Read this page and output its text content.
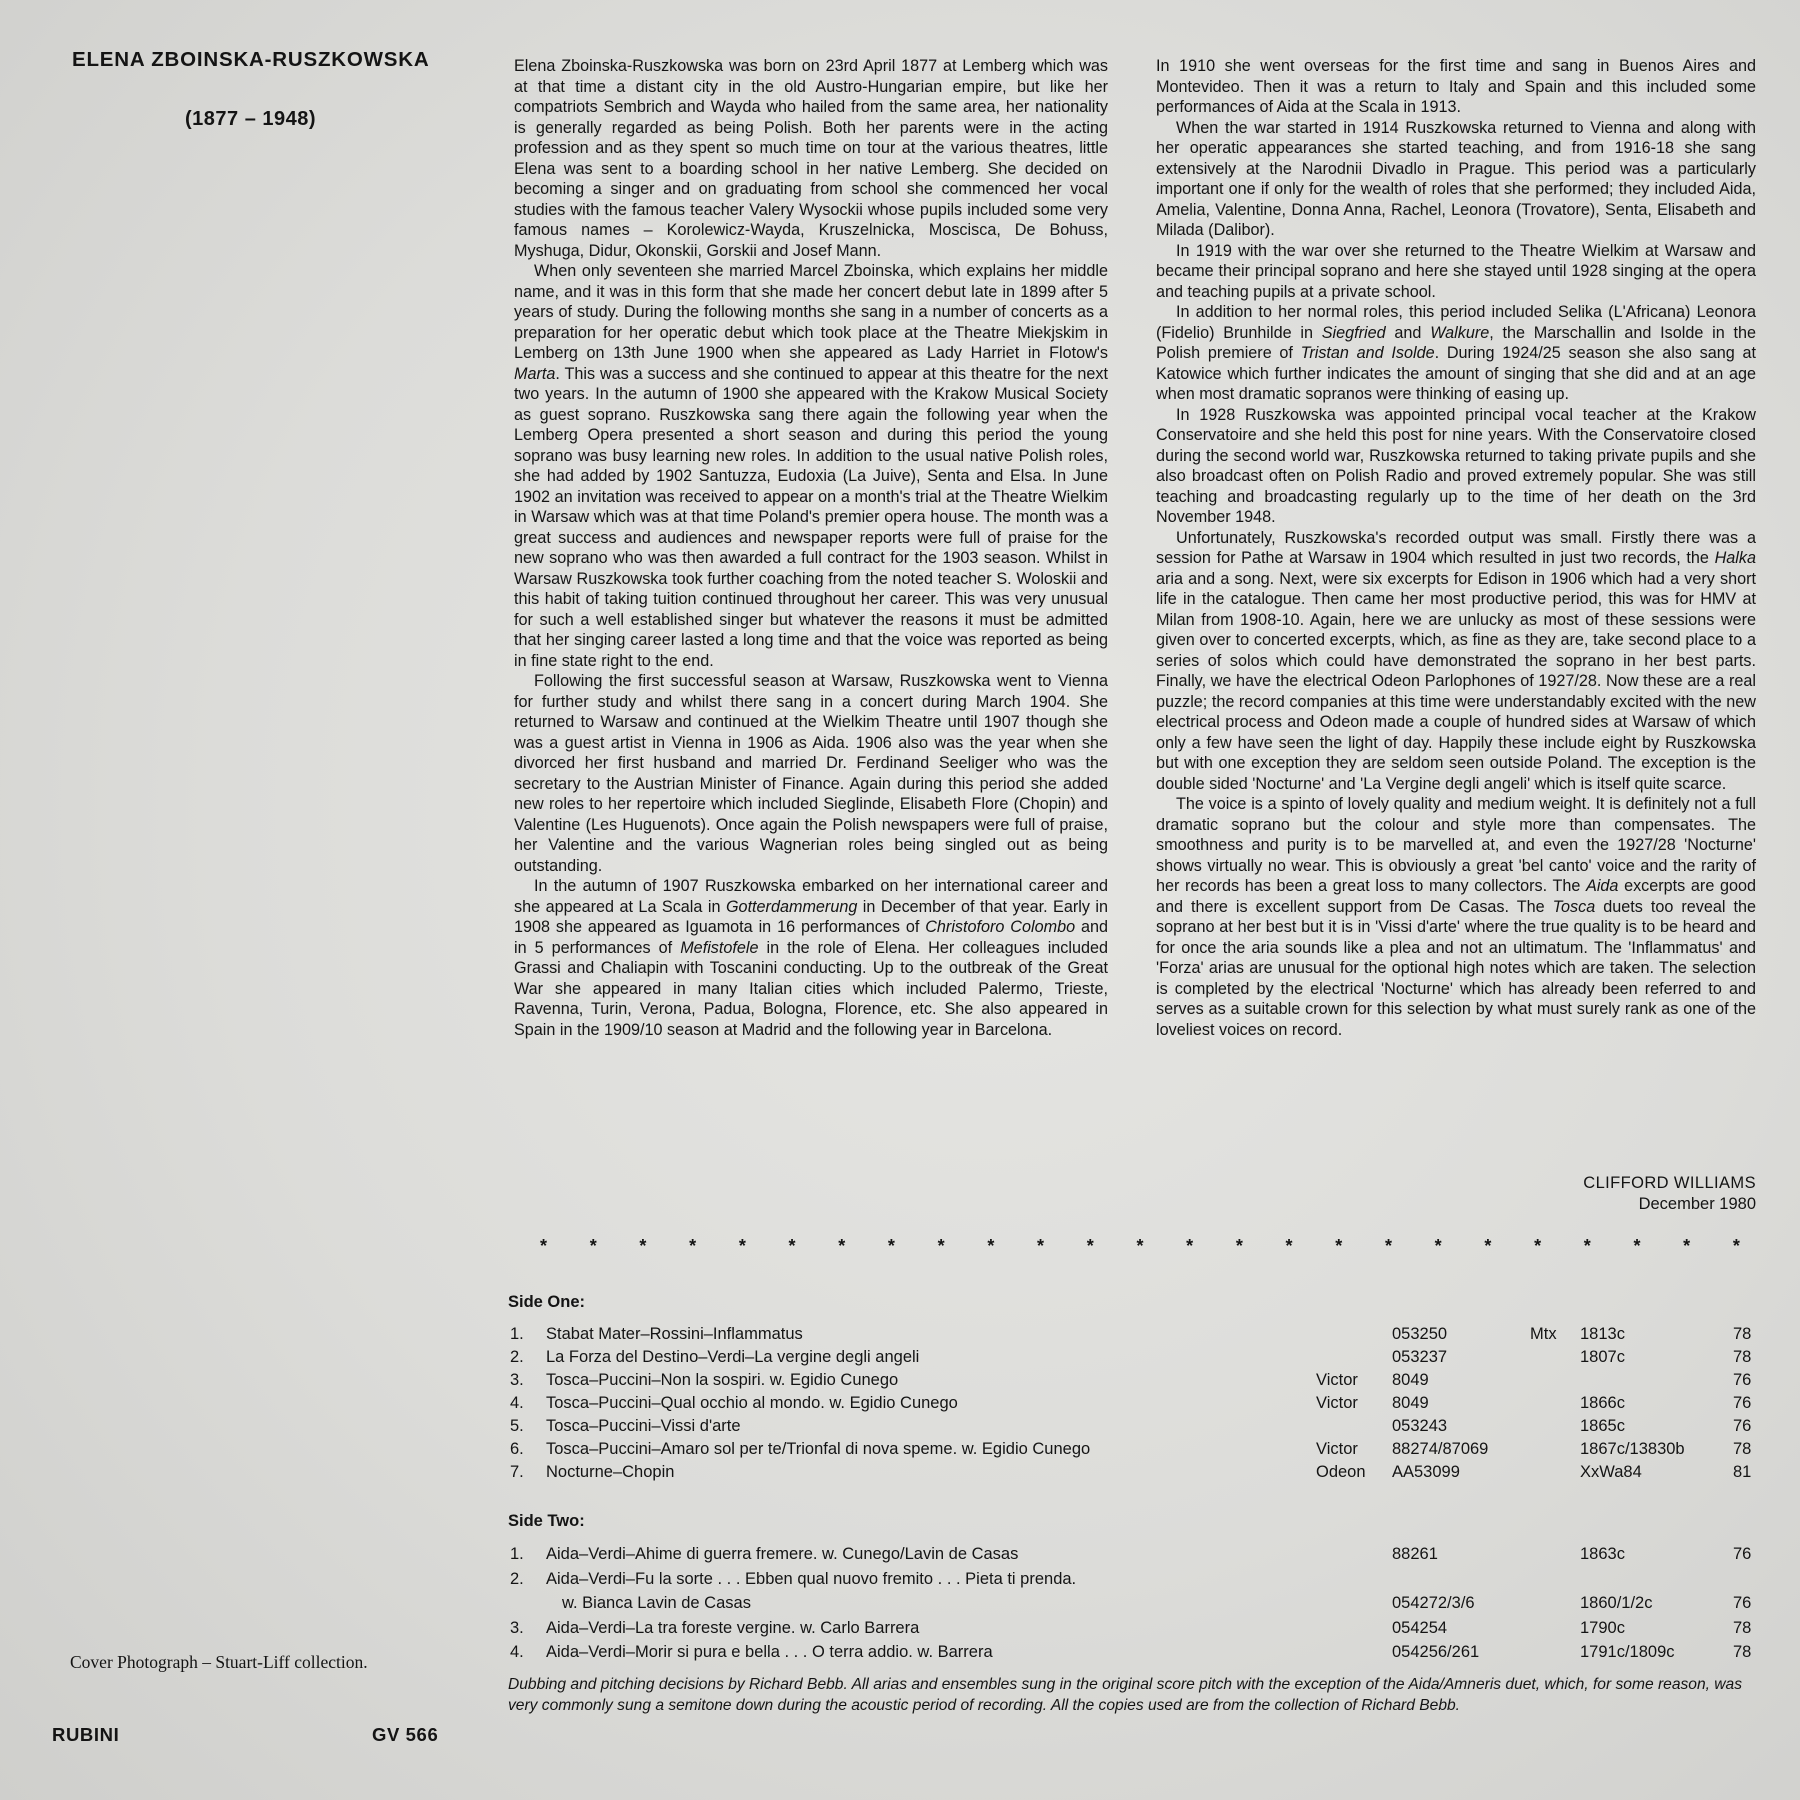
ELENA ZBOINSKA-RUSZKOWSKA
(1877 – 1948)

Elena Zboinska-Ruszkowska was born on 23rd April 1877 at Lemberg which was at that time a distant city in the old Austro-Hungarian empire, but like her compatriots Sembrich and Wayda who hailed from the same area, her nationality is generally regarded as being Polish. Both her parents were in the acting profession and as they spent so much time on tour at the various theatres, little Elena was sent to a boarding school in her native Lemberg. She decided on becoming a singer and on graduating from school she commenced her vocal studies with the famous teacher Valery Wysockii whose pupils included some very famous names – Korolewicz-Wayda, Kruszelnicka, Moscisca, De Bohuss, Myshuga, Didur, Okonskii, Gorskii and Josef Mann.

When only seventeen she married Marcel Zboinska, which explains her middle name, and it was in this form that she made her concert debut late in 1899 after 5 years of study. During the following months she sang in a number of concerts as a preparation for her operatic debut which took place at the Theatre Miekjskim in Lemberg on 13th June 1900 when she appeared as Lady Harriet in Flotow's Marta. This was a success and she continued to appear at this theatre for the next two years. In the autumn of 1900 she appeared with the Krakow Musical Society as guest soprano. Ruszkowska sang there again the following year when the Lemberg Opera presented a short season and during this period the young soprano was busy learning new roles. In addition to the usual native Polish roles, she had added by 1902 Santuzza, Eudoxia (La Juive), Senta and Elsa. In June 1902 an invitation was received to appear on a month's trial at the Theatre Wielkim in Warsaw which was at that time Poland's premier opera house. The month was a great success and audiences and newspaper reports were full of praise for the new soprano who was then awarded a full contract for the 1903 season. Whilst in Warsaw Ruszkowska took further coaching from the noted teacher S. Woloskii and this habit of taking tuition continued throughout her career. This was very unusual for such a well established singer but whatever the reasons it must be admitted that her singing career lasted a long time and that the voice was reported as being in fine state right to the end.

Following the first successful season at Warsaw, Ruszkowska went to Vienna for further study and whilst there sang in a concert during March 1904. She returned to Warsaw and continued at the Wielkim Theatre until 1907 though she was a guest artist in Vienna in 1906 as Aida. 1906 also was the year when she divorced her first husband and married Dr. Ferdinand Seeliger who was the secretary to the Austrian Minister of Finance. Again during this period she added new roles to her repertoire which included Sieglinde, Elisabeth Flore (Chopin) and Valentine (Les Huguenots). Once again the Polish newspapers were full of praise, her Valentine and the various Wagnerian roles being singled out as being outstanding.

In the autumn of 1907 Ruszkowska embarked on her international career and she appeared at La Scala in Gotterdammerung in December of that year. Early in 1908 she appeared as Iguamota in 16 performances of Christoforo Colombo and in 5 performances of Mefistofele in the role of Elena. Her colleagues included Grassi and Chaliapin with Toscanini conducting. Up to the outbreak of the Great War she appeared in many Italian cities which included Palermo, Trieste, Ravenna, Turin, Verona, Padua, Bologna, Florence, etc. She also appeared in Spain in the 1909/10 season at Madrid and the following year in Barcelona.

In 1910 she went overseas for the first time and sang in Buenos Aires and Montevideo. Then it was a return to Italy and Spain and this included some performances of Aida at the Scala in 1913.

When the war started in 1914 Ruszkowska returned to Vienna and along with her operatic appearances she started teaching, and from 1916-18 she sang extensively at the Narodnii Divadlo in Prague. This period was a particularly important one if only for the wealth of roles that she performed; they included Aida, Amelia, Valentine, Donna Anna, Rachel, Leonora (Trovatore), Senta, Elisabeth and Milada (Dalibor).

In 1919 with the war over she returned to the Theatre Wielkim at Warsaw and became their principal soprano and here she stayed until 1928 singing at the opera and teaching pupils at a private school.

In addition to her normal roles, this period included Selika (L'Africana) Leonora (Fidelio) Brunhilde in Siegfried and Walkure, the Marschallin and Isolde in the Polish premiere of Tristan and Isolde. During 1924/25 season she also sang at Katowice which further indicates the amount of singing that she did and at an age when most dramatic sopranos were thinking of easing up.

In 1928 Ruszkowska was appointed principal vocal teacher at the Krakow Conservatoire and she held this post for nine years. With the Conservatoire closed during the second world war, Ruszkowska returned to taking private pupils and she also broadcast often on Polish Radio and proved extremely popular. She was still teaching and broadcasting regularly up to the time of her death on the 3rd November 1948.

Unfortunately, Ruszkowska's recorded output was small. Firstly there was a session for Pathe at Warsaw in 1904 which resulted in just two records, the Halka aria and a song. Next, were six excerpts for Edison in 1906 which had a very short life in the catalogue. Then came her most productive period, this was for HMV at Milan from 1908-10. Again, here we are unlucky as most of these sessions were given over to concerted excerpts, which, as fine as they are, take second place to a series of solos which could have demonstrated the soprano in her best parts. Finally, we have the electrical Odeon Parlophones of 1927/28. Now these are a real puzzle; the record companies at this time were understandably excited with the new electrical process and Odeon made a couple of hundred sides at Warsaw of which only a few have seen the light of day. Happily these include eight by Ruszkowska but with one exception they are seldom seen outside Poland. The exception is the double sided 'Nocturne' and 'La Vergine degli angeli' which is itself quite scarce.

The voice is a spinto of lovely quality and medium weight. It is definitely not a full dramatic soprano but the colour and style more than compensates. The smoothness and purity is to be marvelled at, and even the 1927/28 'Nocturne' shows virtually no wear. This is obviously a great 'bel canto' voice and the rarity of her records has been a great loss to many collectors. The Aida excerpts are good and there is excellent support from De Casas. The Tosca duets too reveal the soprano at her best but it is in 'Vissi d'arte' where the true quality is to be heard and for once the aria sounds like a plea and not an ultimatum. The 'Inflammatus' and 'Forza' arias are unusual for the optional high notes which are taken. The selection is completed by the electrical 'Nocturne' which has already been referred to and serves as a suitable crown for this selection by what must surely rank as one of the loveliest voices on record.

CLIFFORD WILLIAMS
December 1980
* * * * * * * * * * * * * * * * * * * * * * * * *
Side One:
1. Stabat Mater–Rossini–Inflammatus	053250	Mtx 1813c	78
2. La Forza del Destino–Verdi–La vergine degli angeli	053237	1807c	78
3. Tosca–Puccini–Non la sospiri. w. Egidio Cunego	Victor 8049	76
4. Tosca–Puccini–Qual occhio al mondo. w. Egidio Cunego	Victor 8049	1866c	76
5. Tosca–Puccini–Vissi d'arte	053243	1865c	76
6. Tosca–Puccini–Amaro sol per te/Trionfal di nova speme. w. Egidio Cunego	Victor 88274/87069	1867c/13830b	78
7. Nocturne–Chopin	Odeon AA53099	XxWa84	81
Side Two:
1. Aida–Verdi–Ahime di guerra fremere. w. Cunego/Lavin de Casas	88261	1863c	76
2. Aida–Verdi–Fu la sorte . . . Ebben qual nuovo fremito . . . Pieta ti prenda.
w. Bianca Lavin de Casas	054272/3/6	1860/1/2c	76
3. Aida–Verdi–La tra foreste vergine. w. Carlo Barrera	054254	1790c	78
4. Aida–Verdi–Morir si pura e bella . . . O terra addio. w. Barrera	054256/261	1791c/1809c	78
Dubbing and pitching decisions by Richard Bebb. All arias and ensembles sung in the original score pitch with the exception of the Aida/Amneris duet, which, for some reason, was very commonly sung a semitone down during the acoustic period of recording. All the copies used are from the collection of Richard Bebb.
Cover Photograph – Stuart-Liff collection.
RUBINI	GV 566
